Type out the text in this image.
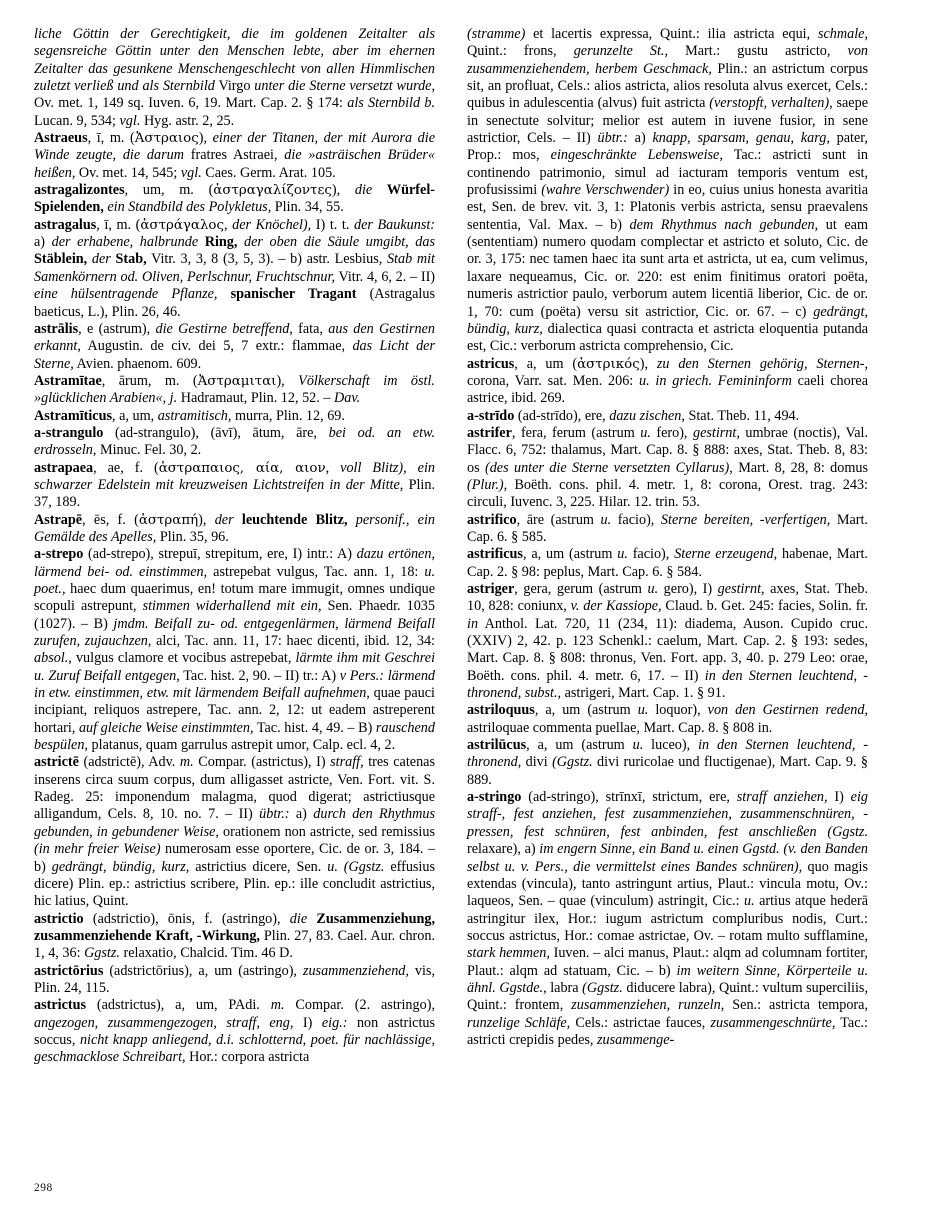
liche Göttin der Gerechtigkeit, die im goldenen Zeitalter als segensreiche Göttin unter den Menschen lebte, aber im ehernen Zeitalter das gesunkene Menschengeschlecht von allen Himmlischen zuletzt verließ und als Sternbild Virgo unter die Sterne versetzt wurde, Ov. met. 1, 149 sq. Iuven. 6, 19. Mart. Cap. 2. § 174: als Sternbild b. Lucan. 9, 534; vgl. Hyg. astr. 2, 25.

Astraeus, ī, m. (Ἀστραιος), einer der Titanen, der mit Aurora die Winde zeugte, die darum fratres Astraei, die »asträischen Brüder« heißen, Ov. met. 14, 545; vgl. Caes. Germ. Arat. 105.

astragalizontes, um, m. (ἀστραγαλίζοντες), die Würfel-Spielenden, ein Standbild des Polykletus, Plin. 34, 55.

astragalus, ī, m. (ἀστράγαλος, der Knöchel), I) t. t. der Baukunst: a) der erhabene, halbrunde Ring, der oben die Säule umgibt, das Stäblein, der Stab, Vitr. 3, 3, 8 (3, 5, 3). – b) astr. Lesbius, Stab mit Samenkörnern od. Oliven, Perlschnur, Fruchtschnur, Vitr. 4, 6, 2. – II) eine hülsentragende Pflanze, spanischer Tragant (Astragalus baeticus, L.), Plin. 26, 46.

astrālis, e (astrum), die Gestirne betreffend, fata, aus den Gestirnen erkannt, Augustin. de civ. dei 5, 7 extr.: flammae, das Licht der Sterne, Avien. phaenom. 609.

Astramītae, ārum, m. (Ἀστραμιται), Völkerschaft im östl. »glücklichen Arabien«, j. Hadramaut, Plin. 12, 52. – Dav.

Astramīticus, a, um, astramitisch, murra, Plin. 12, 69.

a-strangulo (ad-strangulo), (āvī), ātum, āre, bei od. an etw. erdrosseln, Minuc. Fel. 30, 2.

astrapaea, ae, f. (ἀστραπαιος, αία, αιον, voll Blitz), ein schwarzer Edelstein mit kreuzweisen Lichtstreifen in der Mitte, Plin. 37, 189.

Astrapē, ēs, f. (ἀστραπή), der leuchtende Blitz, personif., ein Gemälde des Apelles, Plin. 35, 96.

a-strepo (ad-strepo), strepuī, strepitum, ere, I) intr.: A) dazu ertönen, lärmend bei- od. einstimmen, astrepebat vulgus, Tac. ann. 1, 18: u. poet., haec dum quaerimus, en! totum mare immugit, omnes undique scopuli astrepunt, stimmen widerhallend mit ein, Sen. Phaedr. 1035 (1027). – B) jmdm. Beifall zu- od. entgegenlärmen, lärmend Beifall zurufen, zujauchzen, alci, Tac. ann. 11, 17: haec dicenti, ibid. 12, 34: absol., vulgus clamore et vocibus astrepebat, lärmte ihm mit Geschrei u. Zuruf Beifall entgegen, Tac. hist. 2, 90. – II) tr.: A) v Pers.: lärmend in etw. einstimmen, etw. mit lärmendem Beifall aufnehmen, quae pauci incipiant, reliquos astrepere, Tac. ann. 2, 12: ut eadem astreperent hortari, auf gleiche Weise einstimmten, Tac. hist. 4, 49. – B) rauschend bespülen, platanus, quam garrulus astrepit umor, Calp. ecl. 4, 2.

astrictē (adstrictē), Adv. m. Compar. (astrictus), I) straff, tres catenas inserens circa suum corpus, dum alligasset astricte, Ven. Fort. vit. S. Radeg. 25: imponendum malagma, quod digerat; astrictiusque alligandum, Cels. 8, 10. no. 7. – II) übtr.: a) durch den Rhythmus gebunden, in gebundener Weise, orationem non astricte, sed remissius (in mehr freier Weise) numerosam esse oportere, Cic. de or. 3, 184. – b) gedrängt, bündig, kurz, astrictius dicere, Sen. u. (Ggstz. effusius dicere) Plin. ep.: astrictius scribere, Plin. ep.: ille concludit astrictius, hic latius, Quint.

astrictio (adstrictio), ōnis, f. (astringo), die Zusammenziehung, zusammenziehende Kraft, -Wirkung, Plin. 27, 83. Cael. Aur. chron. 1, 4, 36: Ggstz. relaxatio, Chalcid. Tim. 46 D.

astrictōrius (adstrictōrius), a, um (astringo), zusammenziehend, vis, Plin. 24, 115.

astrictus (adstrictus), a, um, PAdi. m. Compar. (2. astringo), angezogen, zusammengezogen, straff, eng, I) eig.: non astrictus soccus, nicht knapp anliegend, d.i. schlotternd, poet. für nachlässige, geschmacklose Schreibart, Hor.: corpora astricta

(stramme) et lacertis expressa, Quint.: ilia astricta equi, schmale, Quint.: frons, gerunzelte St., Mart.: gustu astricto, von zusammenziehendem, herbem Geschmack, Plin.: an astrictum corpus sit, an profluat, Cels.: alios astricta, alios resoluta alvus exercet, Cels.: quibus in adulescentia (alvus) fuit astricta (verstopft, verhalten), saepe in senectute solvitur; melior est autem in iuvene fusior, in sene astrictior, Cels. – II) übtr.: a) knapp, sparsam, genau, karg, pater, Prop.: mos, eingeschränkte Lebensweise, Tac.: astricti sunt in continendo patrimonio, simul ad iacturam temporis ventum est, profusissimi (wahre Verschwender) in eo, cuius unius honesta avaritia est, Sen. de brev. vit. 3, 1: Platonis verbis astricta, sensu praevalens sententia, Val. Max. – b) dem Rhythmus nach gebunden, ut eam (sententiam) numero quodam complectar et astricto et soluto, Cic. de or. 3, 175: nec tamen haec ita sunt arta et astricta, ut ea, cum velimus, laxare nequeamus, Cic. or. 220: est enim finitimus oratori poëta, numeris astrictior paulo, verborum autem licentiā liberior, Cic. de or. 1, 70: cum (poëta) versu sit astrictior, Cic. or. 67. – c) gedrängt, bündig, kurz, dialectica quasi contracta et astricta eloquentia putanda est, Cic.: verborum astricta comprehensio, Cic.

astricus, a, um (ἀστρικός), zu den Sternen gehörig, Sternen-, corona, Varr. sat. Men. 206: u. in griech. Femininform caeli chorea astrice, ibid. 269.

a-strīdo (ad-strīdo), ere, dazu zischen, Stat. Theb. 11, 494.

astrifer, fera, ferum (astrum u. fero), gestirnt, umbrae (noctis), Val. Flacc. 6, 752: thalamus, Mart. Cap. 8. § 888: axes, Stat. Theb. 8, 83: os (des unter die Sterne versetzten Cyllarus), Mart. 8, 28, 8: domus (Plur.), Boëth. cons. phil. 4. metr. 1, 8: corona, Orest. trag. 243: circuli, Iuvenc. 3, 225. Hilar. 12. trin. 53.

astrifico, āre (astrum u. facio), Sterne bereiten, -verfertigen, Mart. Cap. 6. § 585.

astrificus, a, um (astrum u. facio), Sterne erzeugend, habenae, Mart. Cap. 2. § 98: peplus, Mart. Cap. 6. § 584.

astriger, gera, gerum (astrum u. gero), I) gestirnt, axes, Stat. Theb. 10, 828: coniunx, v. der Kassiope, Claud. b. Get. 245: facies, Solin. fr. in Anthol. Lat. 720, 11 (234, 11): diadema, Auson. Cupido cruc. (XXIV) 2, 42. p. 123 Schenkl.: caelum, Mart. Cap. 2. § 193: sedes, Mart. Cap. 8. § 808: thronus, Ven. Fort. app. 3, 40. p. 279 Leo: orae, Boëth. cons. phil. 4. metr. 6, 17. – II) in den Sternen leuchtend, -thronend, subst., astrigeri, Mart. Cap. 1. § 91.

astriloquus, a, um (astrum u. loquor), von den Gestirnen redend, astriloquae commenta puellae, Mart. Cap. 8. § 808 in.

astrilūcus, a, um (astrum u. luceo), in den Sternen leuchtend, -thronend, divi (Ggstz. divi ruricolae und fluctigenae), Mart. Cap. 9. § 889.

a-stringo (ad-stringo), strīnxī, strictum, ere, straff anziehen, I) eig straff-, fest anziehen, fest zusammenziehen, zusammenschnüren, -pressen, fest schnüren, fest anbinden, fest anschließen (Ggstz. relaxare), a) im engern Sinne, ein Band u. einen Ggstd. (v. den Banden selbst u. v. Pers., die vermittelst eines Bandes schnüren), quo magis extendas (vincula), tanto astringunt artius, Plaut.: vincula motu, Ov.: laqueos, Sen. – quae (vinculum) astringit, Cic.: u. artius atque hederā astringitur ilex, Hor.: iugum astrictum compluribus nodis, Curt.: soccus astrictus, Hor.: comae astrictae, Ov. – rotam multo sufflamine, stark hemmen, Iuven. – alci manus, Plaut.: alqm ad columnam fortiter, Plaut.: alqm ad statuam, Cic. – b) im weitern Sinne, Körperteile u. ähnl. Ggstde., labra (Ggstz. diducere labra), Quint.: vultum superciliis, Quint.: frontem, zusammenziehen, runzeln, Sen.: astricta tempora, runzelige Schläfe, Cels.: astrictae fauces, zusammengeschnürte, Tac.: astricti crepidis pedes, zusammenge-

298
